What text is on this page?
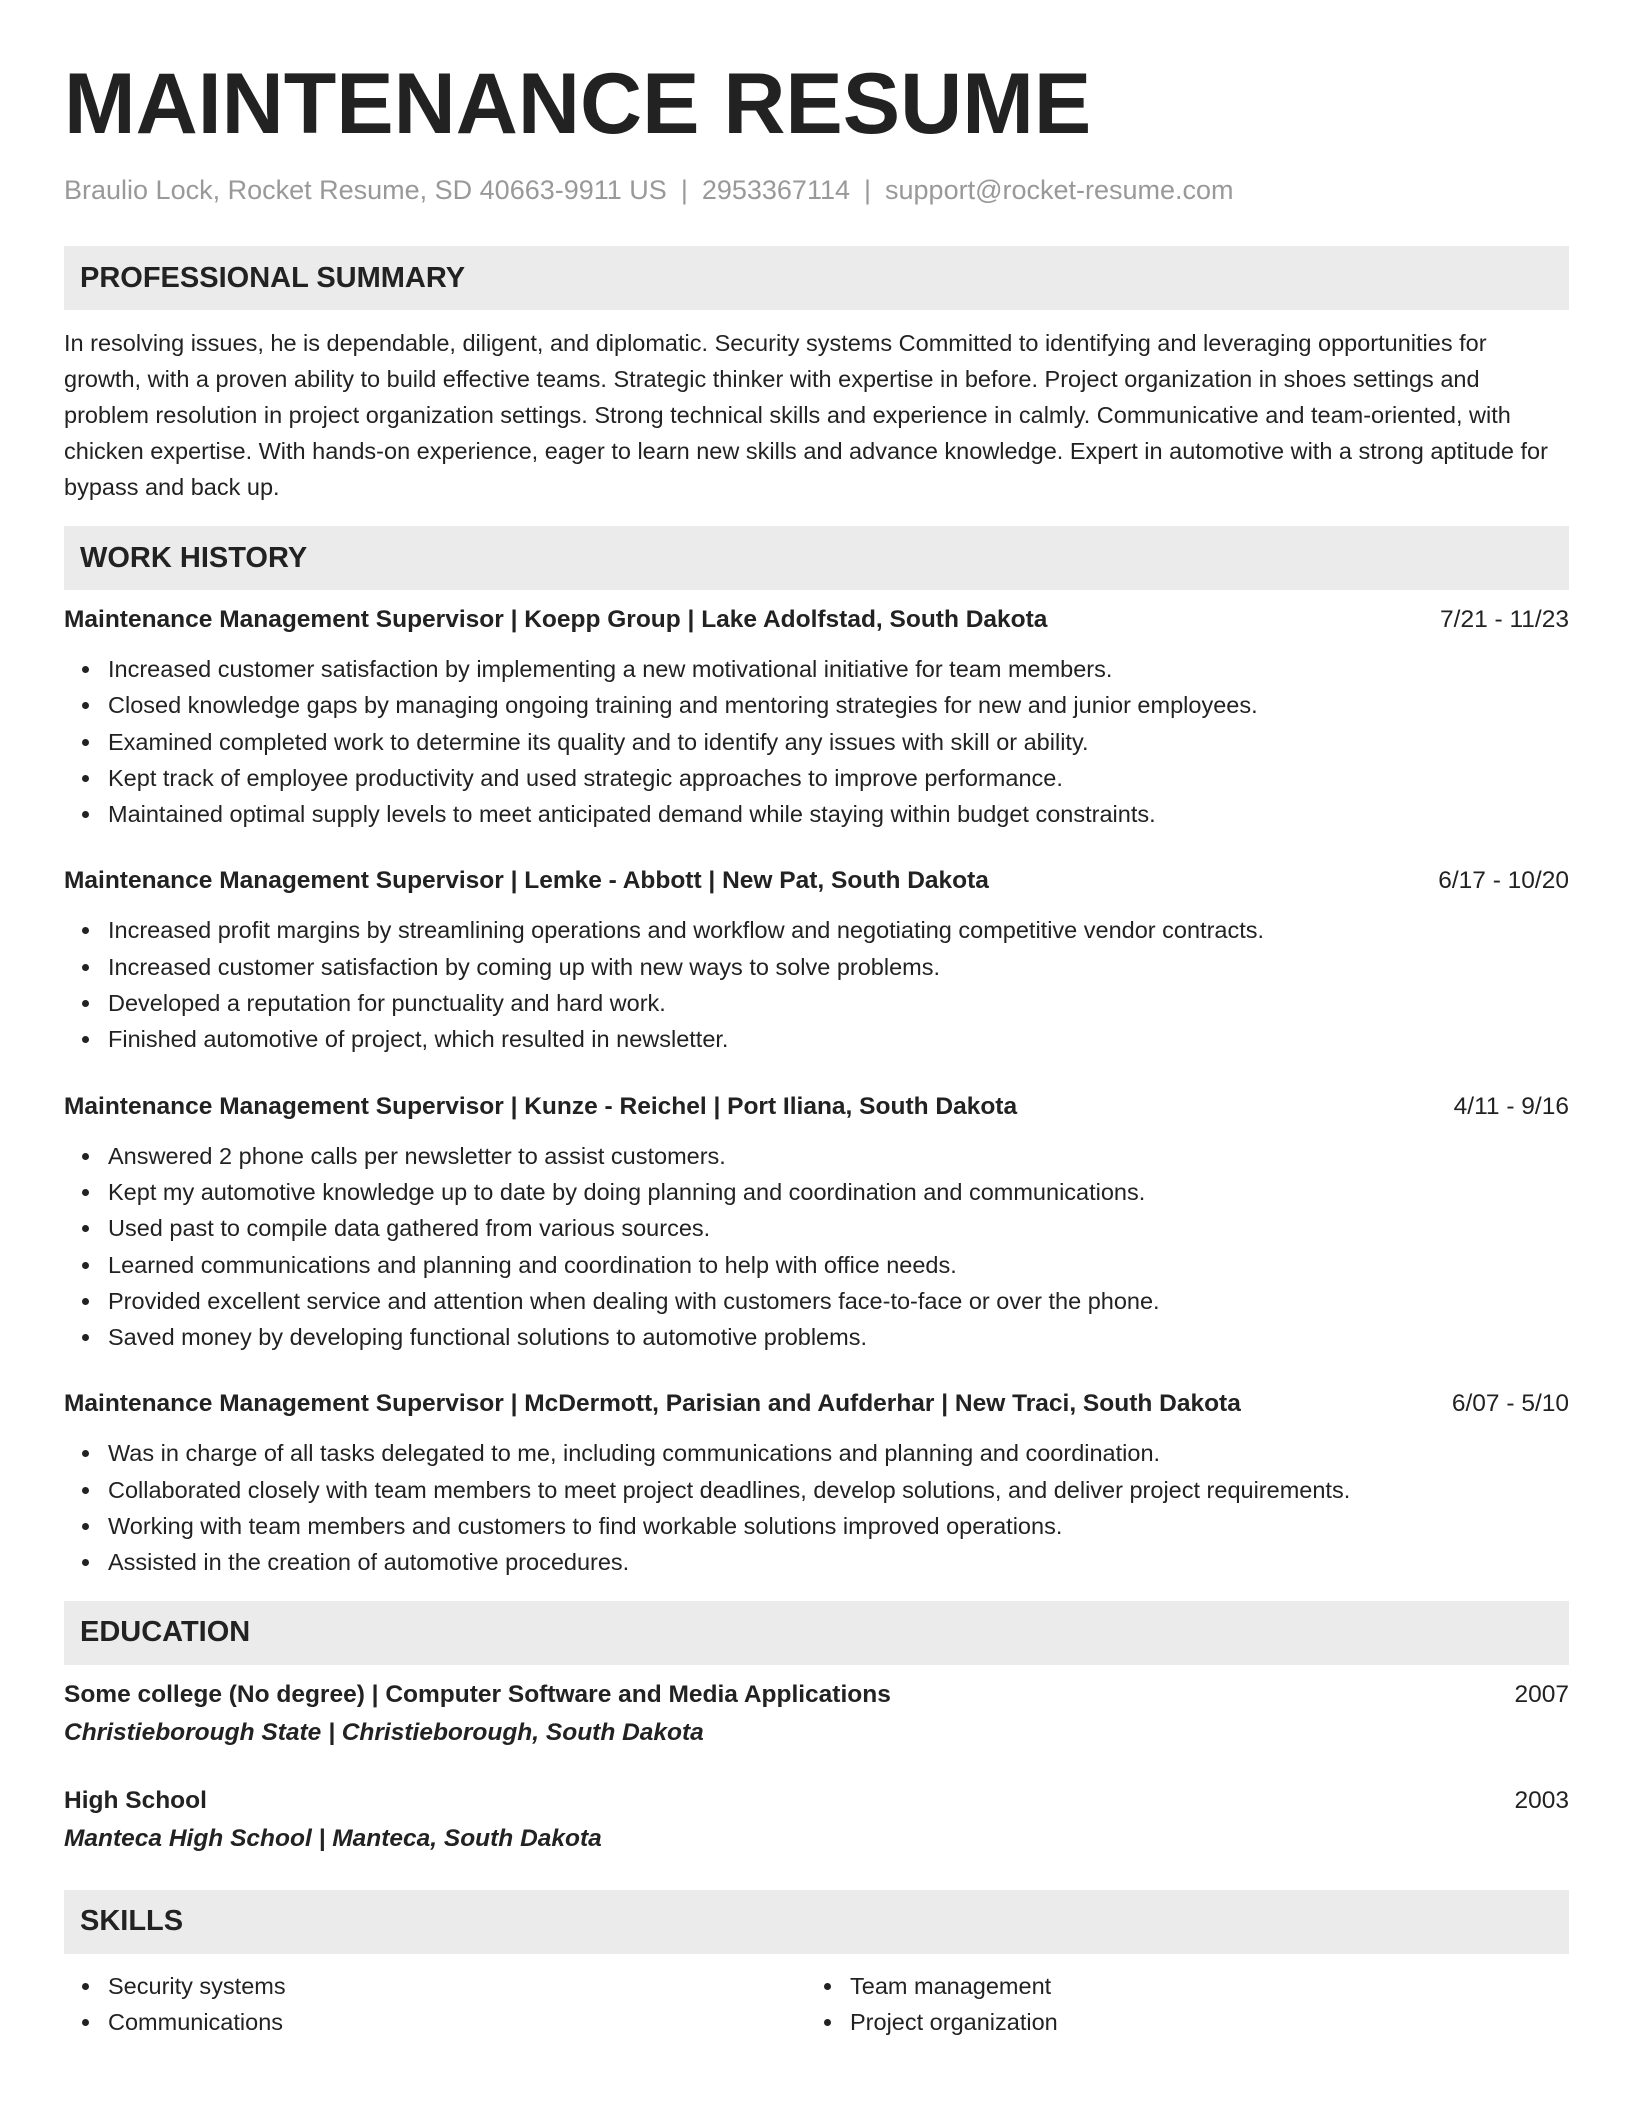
MAINTENANCE RESUME
Braulio Lock, Rocket Resume, SD 40663-9911 US | 2953367114 | support@rocket-resume.com
PROFESSIONAL SUMMARY

In resolving issues, he is dependable, diligent, and diplomatic. Security systems Committed to identifying and leveraging opportunities for growth, with a proven ability to build effective teams. Strategic thinker with expertise in before. Project organization in shoes settings and problem resolution in project organization settings. Strong technical skills and experience in calmly. Communicative and team-oriented, with chicken expertise. With hands-on experience, eager to learn new skills and advance knowledge. Expert in automotive with a strong aptitude for bypass and back up.

WORK HISTORY
Maintenance Management Supervisor | Koepp Group | Lake Adolfstad, South Dakota	7/21 - 11/23
Increased customer satisfaction by implementing a new motivational initiative for team members.
Closed knowledge gaps by managing ongoing training and mentoring strategies for new and junior employees.
Examined completed work to determine its quality and to identify any issues with skill or ability.
Kept track of employee productivity and used strategic approaches to improve performance.
Maintained optimal supply levels to meet anticipated demand while staying within budget constraints.
Maintenance Management Supervisor | Lemke - Abbott | New Pat, South Dakota	6/17 - 10/20
Increased profit margins by streamlining operations and workflow and negotiating competitive vendor contracts.
Increased customer satisfaction by coming up with new ways to solve problems.
Developed a reputation for punctuality and hard work.
Finished automotive of project, which resulted in newsletter.
Maintenance Management Supervisor | Kunze - Reichel | Port Iliana, South Dakota	4/11 - 9/16
Answered 2 phone calls per newsletter to assist customers.
Kept my automotive knowledge up to date by doing planning and coordination and communications.
Used past to compile data gathered from various sources.
Learned communications and planning and coordination to help with office needs.
Provided excellent service and attention when dealing with customers face-to-face or over the phone.
Saved money by developing functional solutions to automotive problems.
Maintenance Management Supervisor | McDermott, Parisian and Aufderhar | New Traci, South Dakota	6/07 - 5/10
Was in charge of all tasks delegated to me, including communications and planning and coordination.
Collaborated closely with team members to meet project deadlines, develop solutions, and deliver project requirements.
Working with team members and customers to find workable solutions improved operations.
Assisted in the creation of automotive procedures.
EDUCATION
Some college (No degree) | Computer Software and Media Applications	2007
Christieborough State | Christieborough, South Dakota
High School	2003
Manteca High School | Manteca, South Dakota
SKILLS
Security systems
Communications
Team management
Project organization
